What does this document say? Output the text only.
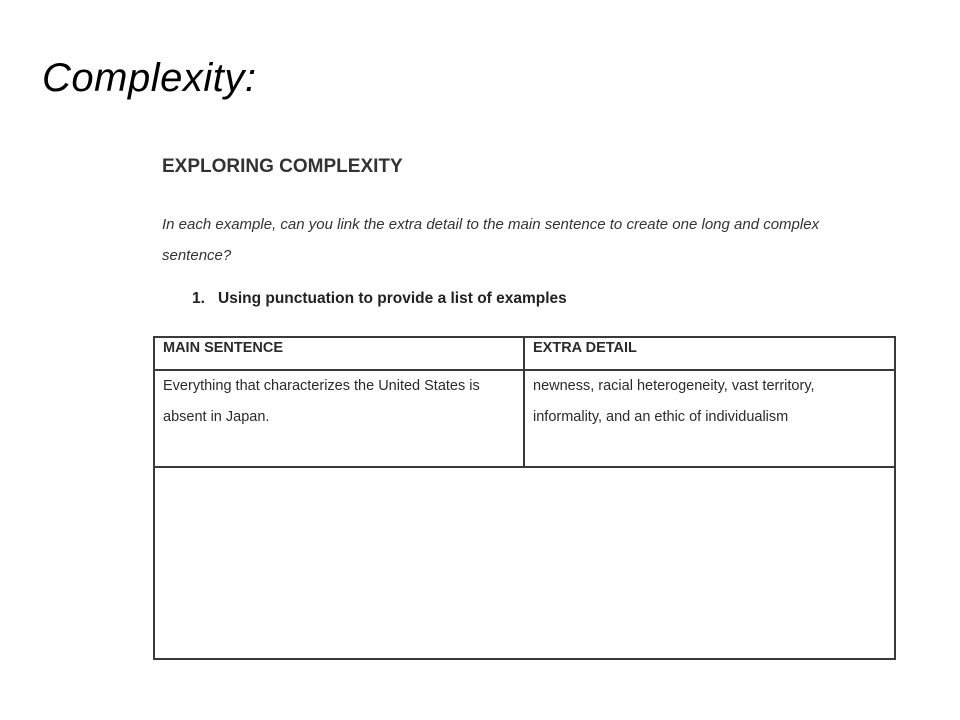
Complexity:
EXPLORING COMPLEXITY
In each example, can you link the extra detail to the main sentence to create one long and complex sentence?
1. Using punctuation to provide a list of examples
MAIN SENTENCE	EXTRA DETAIL
Everything that characterizes the United States is absent in Japan.	newness, racial heterogeneity, vast territory, informality, and an ethic of individualism
